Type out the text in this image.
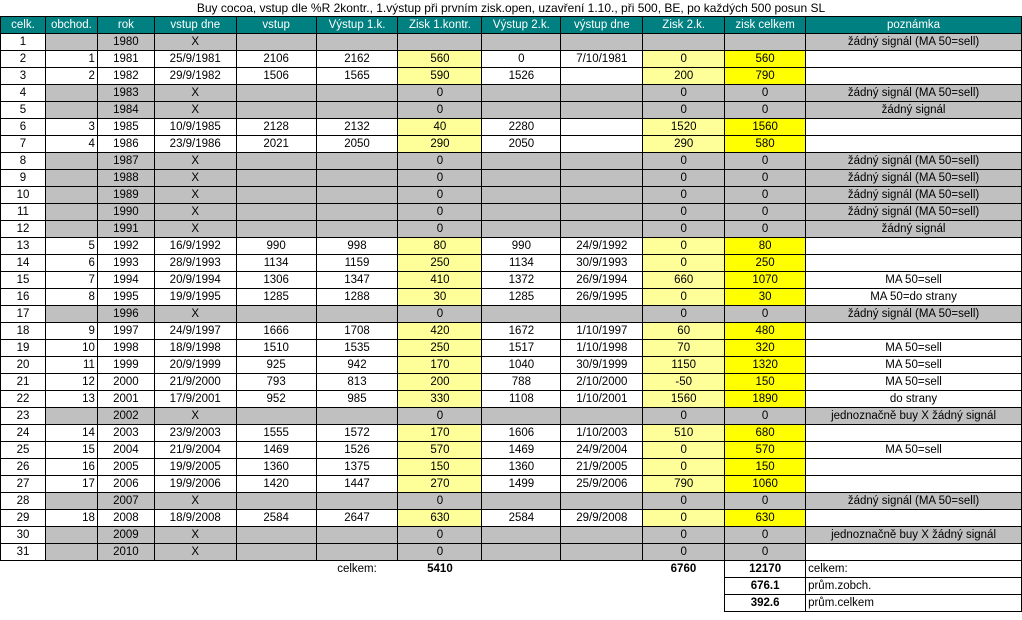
Buy cocoa, vstup dle %R 2kontr., 1.výstup při prvním zisk.open, uzavření 1.10., při 500, BE, po každých 500 posun SL											
celk.	obchod.	rok	vstup dne	vstup	Výstup 1.k.	Zisk 1.kontr.	Výstup 2.k.	výstup dne	Zisk 2.k.	zisk celkem	poznámka
1		1980	X								žádný signál (MA 50=sell)
2	1	1981	25/9/1981	2106	2162	560	0	7/10/1981	0	560	
3	2	1982	29/9/1982	1506	1565	590	1526		200	790	
4		1983	X			0			0	0	žádný signál (MA 50=sell)
5		1984	X			0			0	0	žádný signál
6	3	1985	10/9/1985	2128	2132	40	2280		1520	1560	
7	4	1986	23/9/1986	2021	2050	290	2050		290	580	
8		1987	X			0			0	0	žádný signál (MA 50=sell)
9		1988	X			0			0	0	žádný signál (MA 50=sell)
10		1989	X			0			0	0	žádný signál (MA 50=sell)
11		1990	X			0			0	0	žádný signál (MA 50=sell)
12		1991	X			0			0	0	žádný signál
13	5	1992	16/9/1992	990	998	80	990	24/9/1992	0	80	
14	6	1993	28/9/1993	1134	1159	250	1134	30/9/1993	0	250	
15	7	1994	20/9/1994	1306	1347	410	1372	26/9/1994	660	1070	MA 50=sell
16	8	1995	19/9/1995	1285	1288	30	1285	26/9/1995	0	30	MA 50=do strany
17		1996	X			0			0	0	žádný signál (MA 50=sell)
18	9	1997	24/9/1997	1666	1708	420	1672	1/10/1997	60	480	
19	10	1998	18/9/1998	1510	1535	250	1517	1/10/1998	70	320	MA 50=sell
20	11	1999	20/9/1999	925	942	170	1040	30/9/1999	1150	1320	MA 50=sell
21	12	2000	21/9/2000	793	813	200	788	2/10/2000	-50	150	MA 50=sell
22	13	2001	17/9/2001	952	985	330	1108	1/10/2001	1560	1890	do strany
23		2002	X			0			0	0	jednoznačně buy X žádný signál
24	14	2003	23/9/2003	1555	1572	170	1606	1/10/2003	510	680	
25	15	2004	21/9/2004	1469	1526	570	1469	24/9/2004	0	570	MA 50=sell
26	16	2005	19/9/2005	1360	1375	150	1360	21/9/2005	0	150	
27	17	2006	19/9/2006	1420	1447	270	1499	25/9/2006	790	1060	
28		2007	X			0			0	0	žádný signál (MA 50=sell)
29	18	2008	18/9/2008	2584	2647	630	2584	29/9/2008	0	630	
30		2009	X			0			0	0	jednoznačně buy X žádný signál
31		2010	X			0			0	0	
					celkem:	5410			6760	12170	celkem:
										676.1	prům.zobch.
										392.6	prům.celkem
